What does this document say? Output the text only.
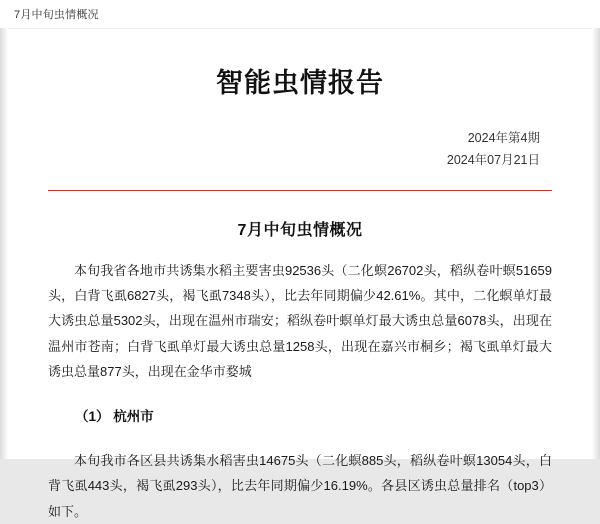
7月中旬虫情概况
智能虫情报告
2024年第4期
2024年07月21日
7月中旬虫情概况

本旬我省各地市共诱集水稻主要害虫92536头（二化螟26702头，稻纵卷叶螟51659头，白背飞虱6827头，褐飞虱7348头），比去年同期偏少42.61%。其中，二化螟单灯最大诱虫总量5302头，出现在温州市瑞安；稻纵卷叶螟单灯最大诱虫总量6078头，出现在温州市苍南；白背飞虱单灯最大诱虫总量1258头，出现在嘉兴市桐乡；褐飞虱单灯最大诱虫总量877头，出现在金华市婺城

（1） 杭州市

本旬我市各区县共诱集水稻害虫14675头（二化螟885头，稻纵卷叶螟13054头，白背飞虱443头，褐飞虱293头），比去年同期偏少16.19%。各县区诱虫总量排名（top3）如下。
